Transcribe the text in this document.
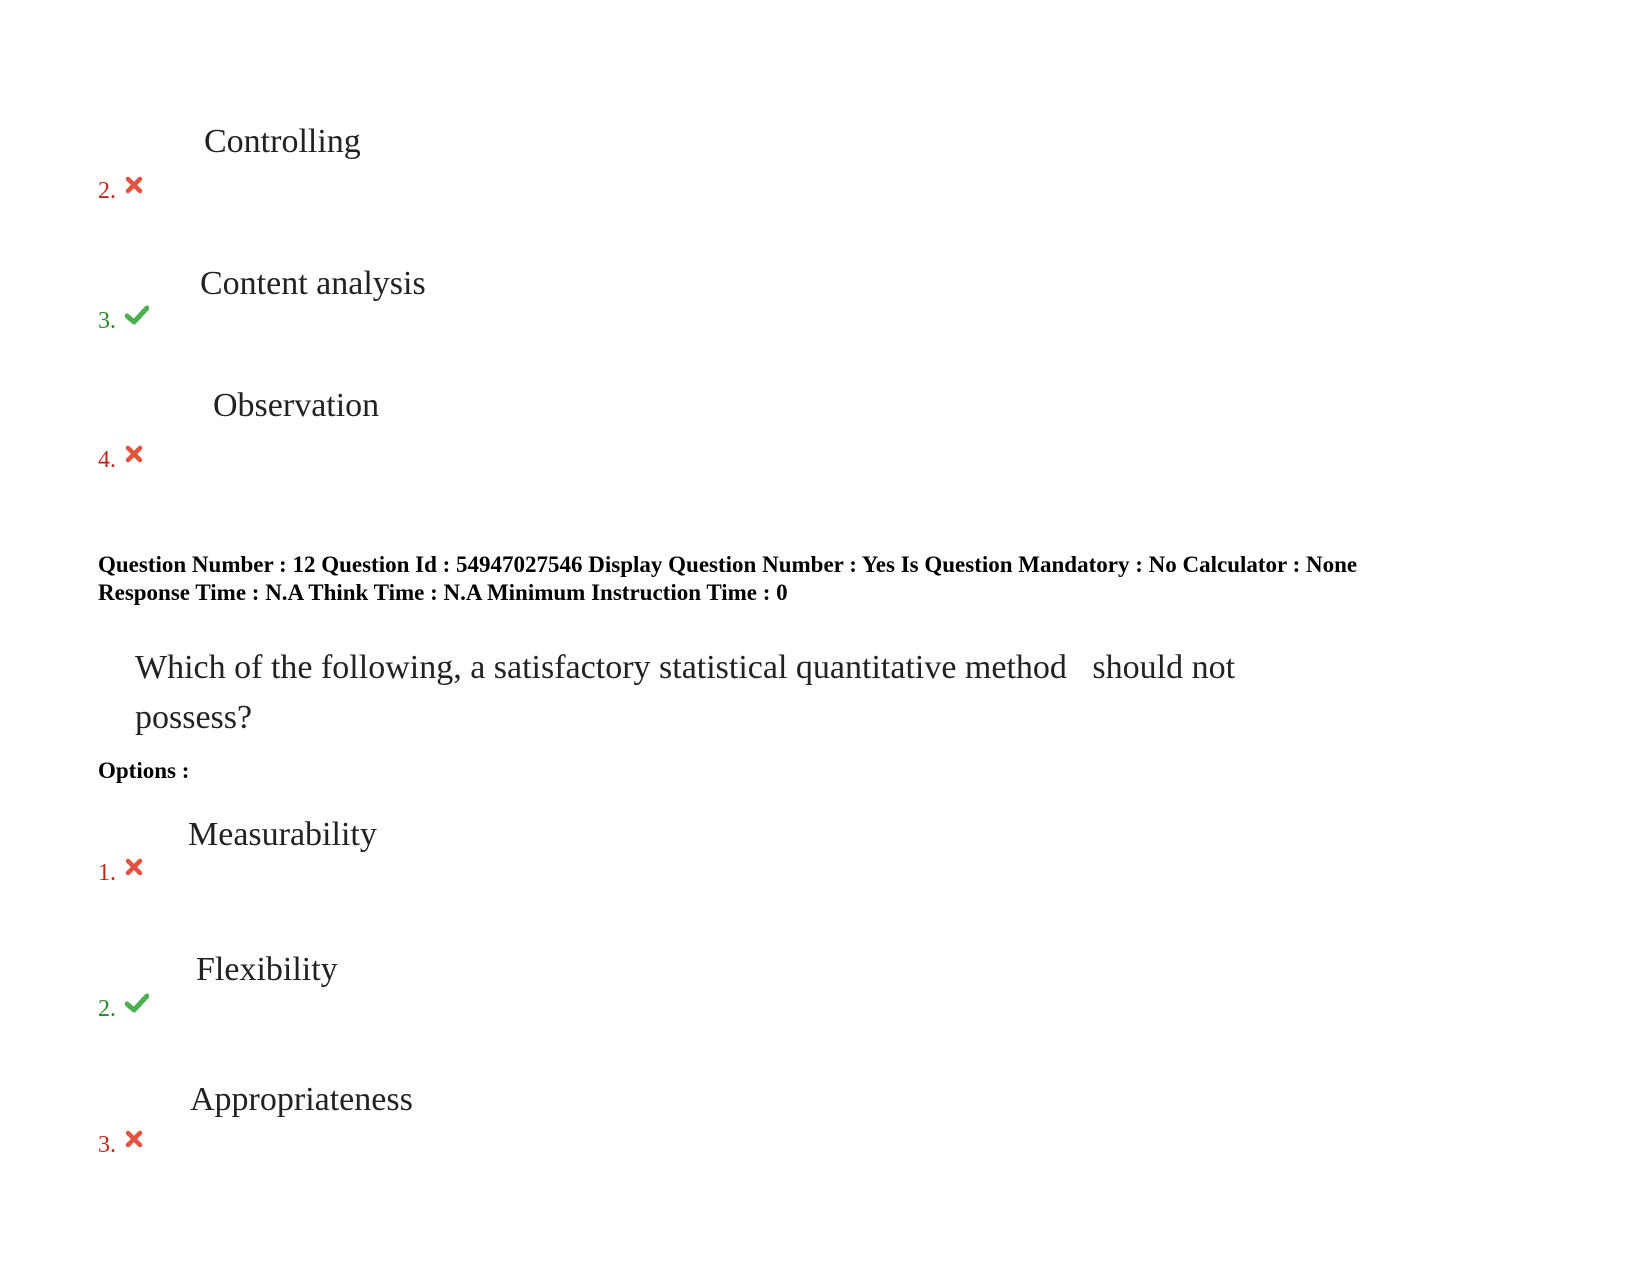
Controlling
2.
Content analysis
3.
Observation
4.
Question Number : 12 Question Id : 54947027546 Display Question Number : Yes Is Question Mandatory : No Calculator : None
Response Time : N.A Think Time : N.A Minimum Instruction Time : 0
Which of the following, a satisfactory statistical quantitative method   should not
possess?
Options :
Measurability
1.
Flexibility
2.
Appropriateness
3.
